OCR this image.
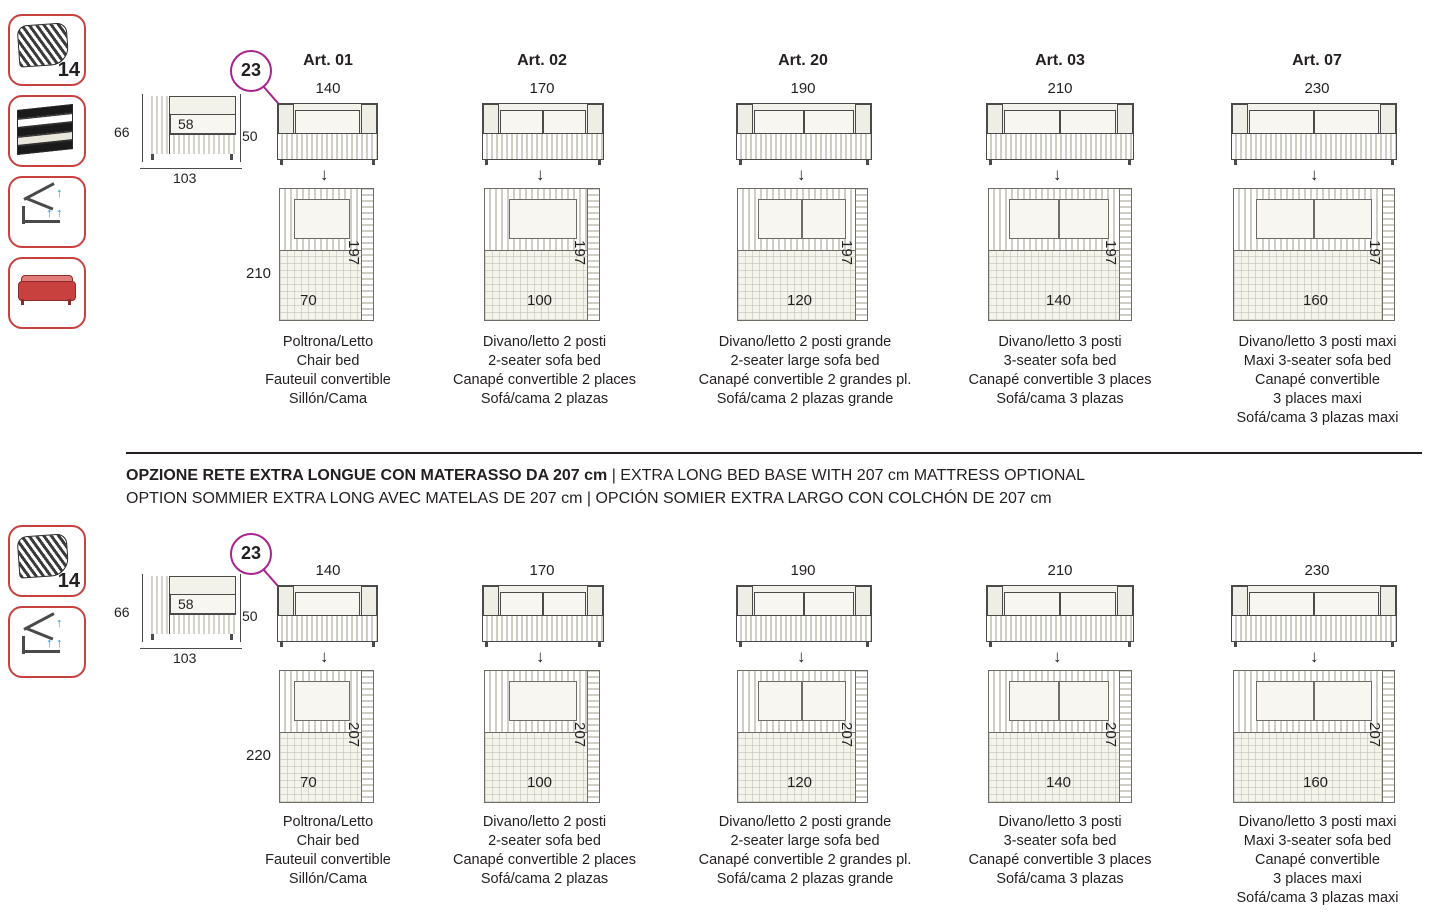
14
↑
↑ ↑
66	50
58
103
23	Art. 01
140
↓
197
210
70
Poltrona/Letto
Chair bed
Fauteuil convertible
Sillón/Cama
Art. 02
170
↓
197
100
Divano/letto 2 posti
2-seater sofa bed
Canapé convertible 2 places
Sofá/cama 2 plazas
Art. 20
190
↓
197
120
Divano/letto 2 posti grande
2-seater large sofa bed
Canapé convertible 2 grandes pl.
Sofá/cama 2 plazas grande
Art. 03
210
↓
197
140
Divano/letto 3 posti
3-seater sofa bed
Canapé convertible 3 places
Sofá/cama 3 plazas
Art. 07
230
↓
197
160
Divano/letto 3 posti maxi
Maxi 3-seater sofa bed
Canapé convertible
3 places maxi
Sofá/cama 3 plazas maxi
OPZIONE RETE EXTRA LONGUE CON MATERASSO DA 207 cm | EXTRA LONG BED BASE WITH 207 cm MATTRESS OPTIONAL
OPTION SOMMIER EXTRA LONG AVEC MATELAS DE 207 cm | OPCIÓN SOMIER EXTRA LARGO CON COLCHÓN DE 207 cm
14
↑
↑ ↑
66	50
58
103
23
140
↓
207
220
70
Poltrona/Letto
Chair bed
Fauteuil convertible
Sillón/Cama
170
↓
207
100
Divano/letto 2 posti
2-seater sofa bed
Canapé convertible 2 places
Sofá/cama 2 plazas
190
↓
207
120
Divano/letto 2 posti grande
2-seater large sofa bed
Canapé convertible 2 grandes pl.
Sofá/cama 2 plazas grande
210
↓
207
140
Divano/letto 3 posti
3-seater sofa bed
Canapé convertible 3 places
Sofá/cama 3 plazas
230
↓
207
160
Divano/letto 3 posti maxi
Maxi 3-seater sofa bed
Canapé convertible
3 places maxi
Sofá/cama 3 plazas maxi
